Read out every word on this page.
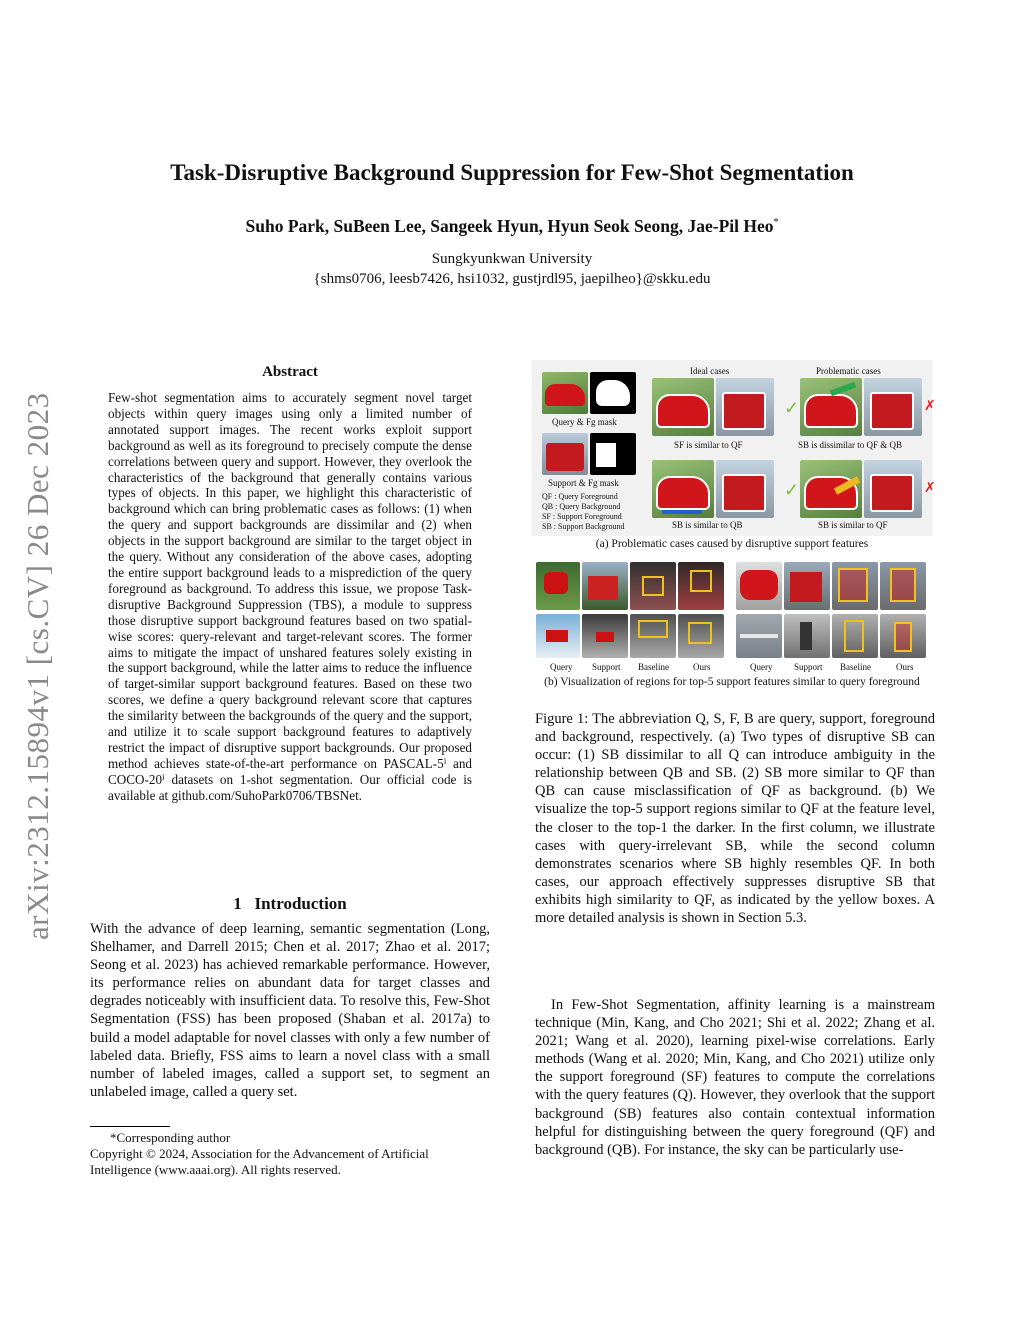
arXiv:2312.15894v1 [cs.CV] 26 Dec 2023
Task-Disruptive Background Suppression for Few-Shot Segmentation
Suho Park, SuBeen Lee, Sangeek Hyun, Hyun Seok Seong, Jae-Pil Heo*
Sungkyunkwan University
{shms0706, leesb7426, hsi1032, gustjrdl95, jaepilheo}@skku.edu
Abstract
Few-shot segmentation aims to accurately segment novel target objects within query images using only a limited number of annotated support images. The recent works exploit support background as well as its foreground to precisely compute the dense correlations between query and support. However, they overlook the characteristics of the background that generally contains various types of objects. In this paper, we highlight this characteristic of background which can bring problematic cases as follows: (1) when the query and support backgrounds are dissimilar and (2) when objects in the support background are similar to the target object in the query. Without any consideration of the above cases, adopting the entire support background leads to a misprediction of the query foreground as background. To address this issue, we propose Task-disruptive Background Suppression (TBS), a module to suppress those disruptive support background features based on two spatial-wise scores: query-relevant and target-relevant scores. The former aims to mitigate the impact of unshared features solely existing in the support background, while the latter aims to reduce the influence of target-similar support background features. Based on these two scores, we define a query background relevant score that captures the similarity between the backgrounds of the query and the support, and utilize it to scale support background features to adaptively restrict the impact of disruptive support backgrounds. Our proposed method achieves state-of-the-art performance on PASCAL-5ⁱ and COCO-20ⁱ datasets on 1-shot segmentation. Our official code is available at github.com/SuhoPark0706/TBSNet.
1 Introduction
With the advance of deep learning, semantic segmentation (Long, Shelhamer, and Darrell 2015; Chen et al. 2017; Zhao et al. 2017; Seong et al. 2023) has achieved remarkable performance. However, its performance relies on abundant data for target classes and degrades noticeably with insufficient data. To resolve this, Few-Shot Segmentation (FSS) has been proposed (Shaban et al. 2017a) to build a model adaptable for novel classes with only a few number of labeled data. Briefly, FSS aims to learn a novel class with a small number of labeled images, called a support set, to segment an unlabeled image, called a query set.
*Corresponding author
Copyright © 2024, Association for the Advancement of Artificial Intelligence (www.aaai.org). All rights reserved.
Ideal cases	Problematic cases
Query & Fg mask
Support & Fg mask
QF : Query Foreground
QB : Query Background
SF : Support Foreground
SB : Support Background
✓
SF is similar to QF
✗
SB is dissimilar to QF & QB
✓
SB is similar to QB
✗
SB is similar to QF
(a) Problematic cases caused by disruptive support features
Query Support Baseline	Ours	Query Support Baseline	Ours
(b) Visualization of regions for top-5 support features similar to query foreground
Figure 1: The abbreviation Q, S, F, B are query, support, foreground and background, respectively. (a) Two types of disruptive SB can occur: (1) SB dissimilar to all Q can introduce ambiguity in the relationship between QB and SB. (2) SB more similar to QF than QB can cause misclassification of QF as background. (b) We visualize the top-5 support regions similar to QF at the feature level, the closer to the top-1 the darker. In the first column, we illustrate cases with query-irrelevant SB, while the second column demonstrates scenarios where SB highly resembles QF. In both cases, our approach effectively suppresses disruptive SB that exhibits high similarity to QF, as indicated by the yellow boxes. A more detailed analysis is shown in Section 5.3.
In Few-Shot Segmentation, affinity learning is a mainstream technique (Min, Kang, and Cho 2021; Shi et al. 2022; Zhang et al. 2021; Wang et al. 2020), learning pixel-wise correlations. Early methods (Wang et al. 2020; Min, Kang, and Cho 2021) utilize only the support foreground (SF) features to compute the correlations with the query features (Q). However, they overlook that the support background (SB) features also contain contextual information helpful for distinguishing between the query foreground (QF) and background (QB). For instance, the sky can be particularly use-
